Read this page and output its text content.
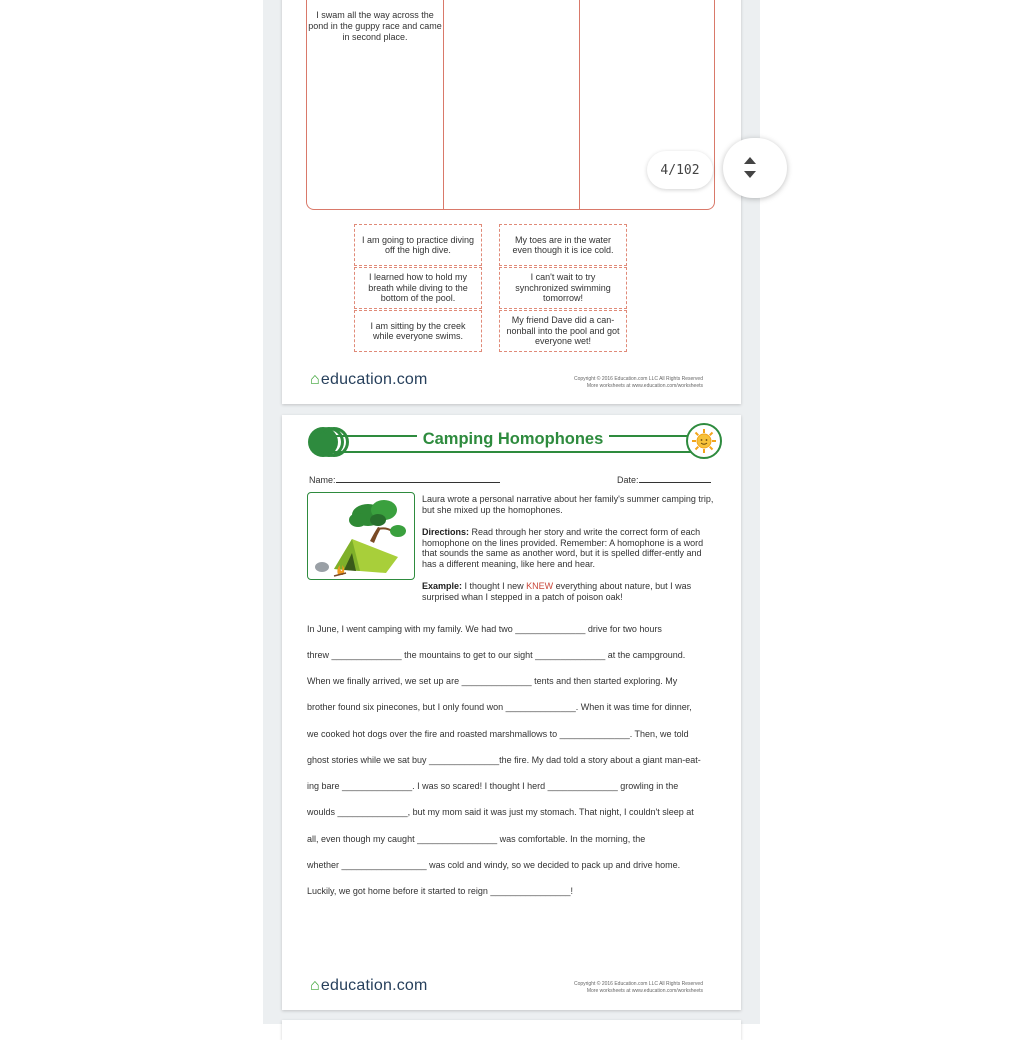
I swam all the way across the pond in the guppy race and came in second place.
I am going to practice diving off the high dive.
My toes are in the water even though it is ice cold.
I learned how to hold my breath while diving to the bottom of the pool.
I can't wait to try synchronized swimming tomorrow!
I am sitting by the creek while everyone swims.
My friend Dave did a can-nonball into the pool and got everyone wet!
⌂education.com	Copyright © 2016 Education.com LLC All Rights Reserved
More worksheets at www.education.com/worksheets
Camping Homophones
Name:	Date:
Laura wrote a personal narrative about her family's summer camping trip, but she mixed up the homophones.
Directions: Read through her story and write the correct form of each homophone on the lines provided. Remember: A homophone is a word that sounds the same as another word, but it is spelled differ-ently and has a different meaning, like here and hear.
Example: I thought I new KNEW everything about nature, but I was surprised whan I stepped in a patch of poison oak!
In June, I went camping with my family. We had two ______________ drive for two hours
threw ______________ the mountains to get to our sight ______________ at the campground.
When we finally arrived, we set up are ______________ tents and then started exploring. My
brother found six pinecones, but I only found won ______________. When it was time for dinner,
we cooked hot dogs over the fire and roasted marshmallows to ______________. Then, we told
ghost stories while we sat buy ______________the fire. My dad told a story about a giant man-eat-
ing bare ______________. I was so scared! I thought I herd ______________ growling in the
woulds ______________, but my mom said it was just my stomach. That night, I couldn't sleep at
all, even though my caught ________________ was comfortable. In the morning, the
whether _________________ was cold and windy, so we decided to pack up and drive home.
Luckily, we got home before it started to reign ________________!
⌂education.com	Copyright © 2016 Education.com LLC All Rights Reserved
More worksheets at www.education.com/worksheets
4/102
